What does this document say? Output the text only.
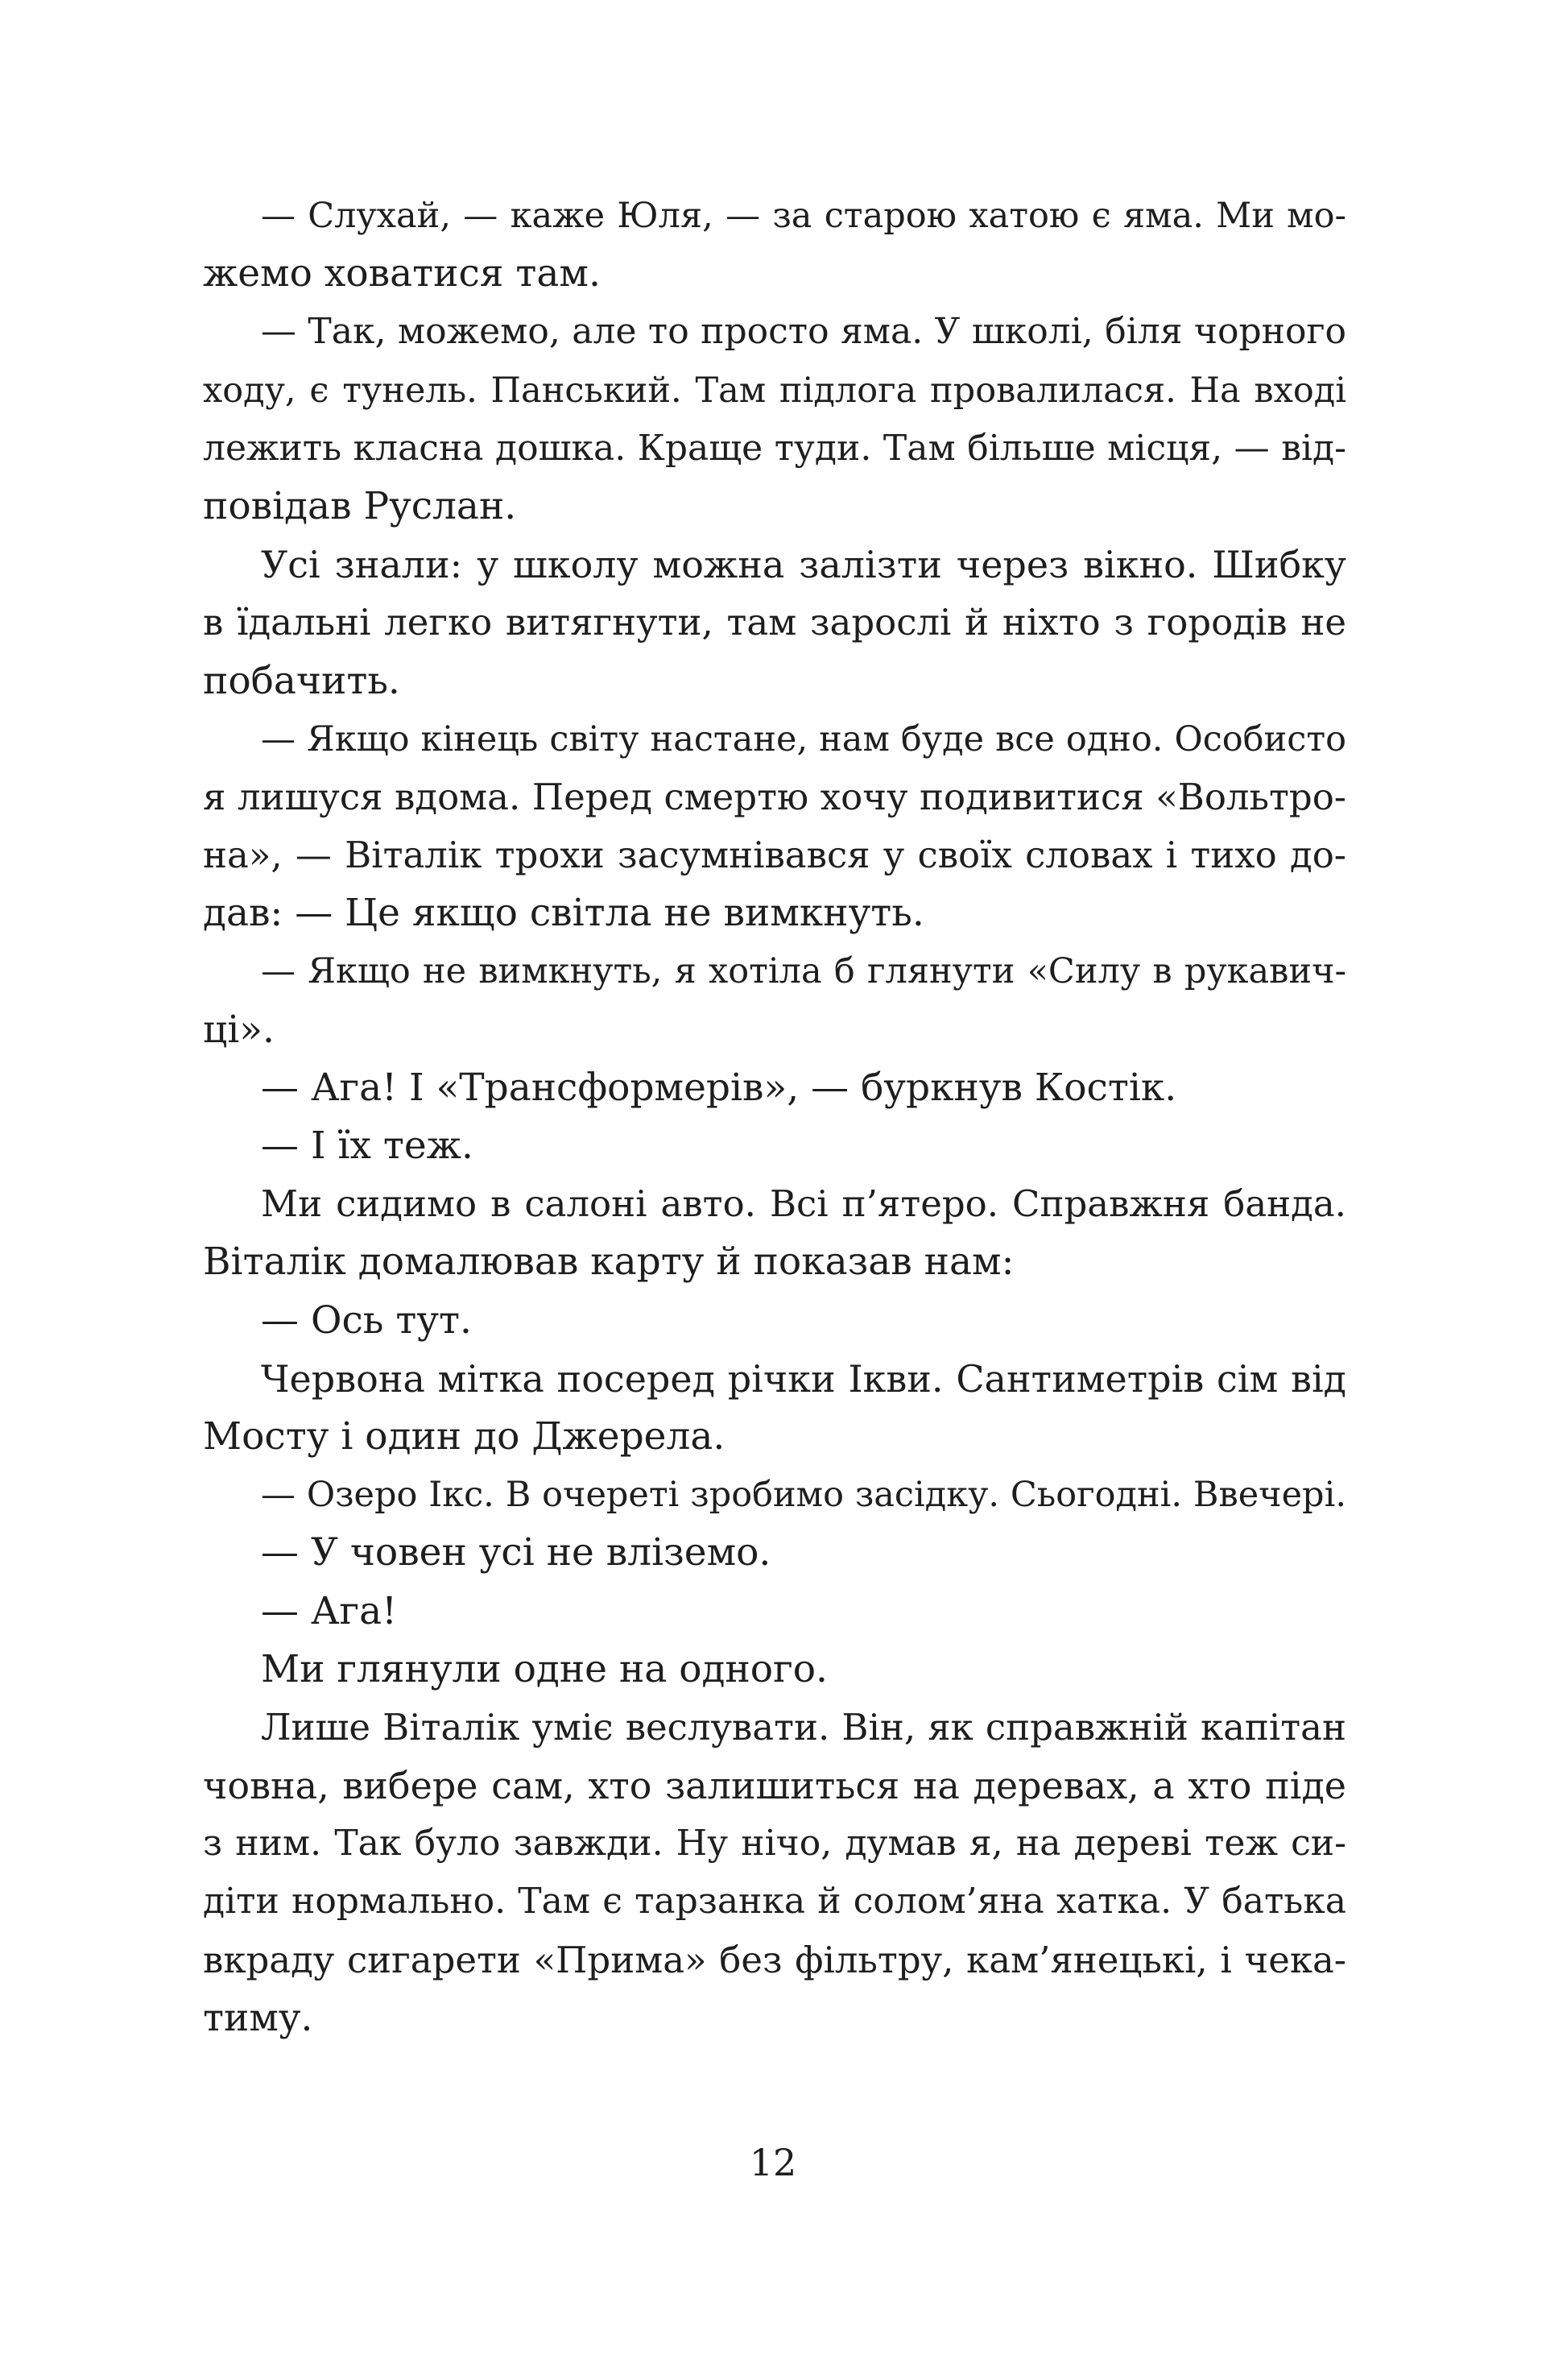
— Слухай, — каже Юля, — за старою хатою є яма. Ми мо-
жемо ховатися там.
— Так, можемо, але то просто яма. У школі, біля чорного
ходу, є тунель. Панський. Там підлога провалилася. На вході
лежить класна дошка. Краще туди. Там більше місця, — від-
повідав Руслан.
Усі знали: у школу можна залізти через вікно. Шибку
в їдальні легко витягнути, там зарослі й ніхто з городів не
побачить.
— Якщо кінець світу настане, нам буде все одно. Особисто
я лишуся вдома. Перед смертю хочу подивитися «Вольтро-
на», — Віталік трохи засумнівався у своїх словах і тихо до-
дав: — Це якщо світла не вимкнуть.
— Якщо не вимкнуть, я хотіла б глянути «Силу в рукавич-
ці».
— Ага! І «Трансформерів», — буркнув Костік.
— І їх теж.
Ми сидимо в салоні авто. Всі п’ятеро. Справжня банда.
Віталік домалював карту й показав нам:
— Ось тут.
Червона мітка посеред річки Ікви. Сантиметрів сім від
Мосту і один до Джерела.
— Озеро Ікс. В очереті зробимо засідку. Сьогодні. Ввечері.
— У човен усі не вліземо.
— Ага!
Ми глянули одне на одного.
Лише Віталік уміє веслувати. Він, як справжній капітан
човна, вибере сам, хто залишиться на деревах, а хто піде
з ним. Так було завжди. Ну нічо, думав я, на дереві теж си-
діти нормально. Там є тарзанка й солом’яна хатка. У батька
вкраду сигарети «Прима» без фільтру, кам’янецькі, і чека-
тиму.
12
